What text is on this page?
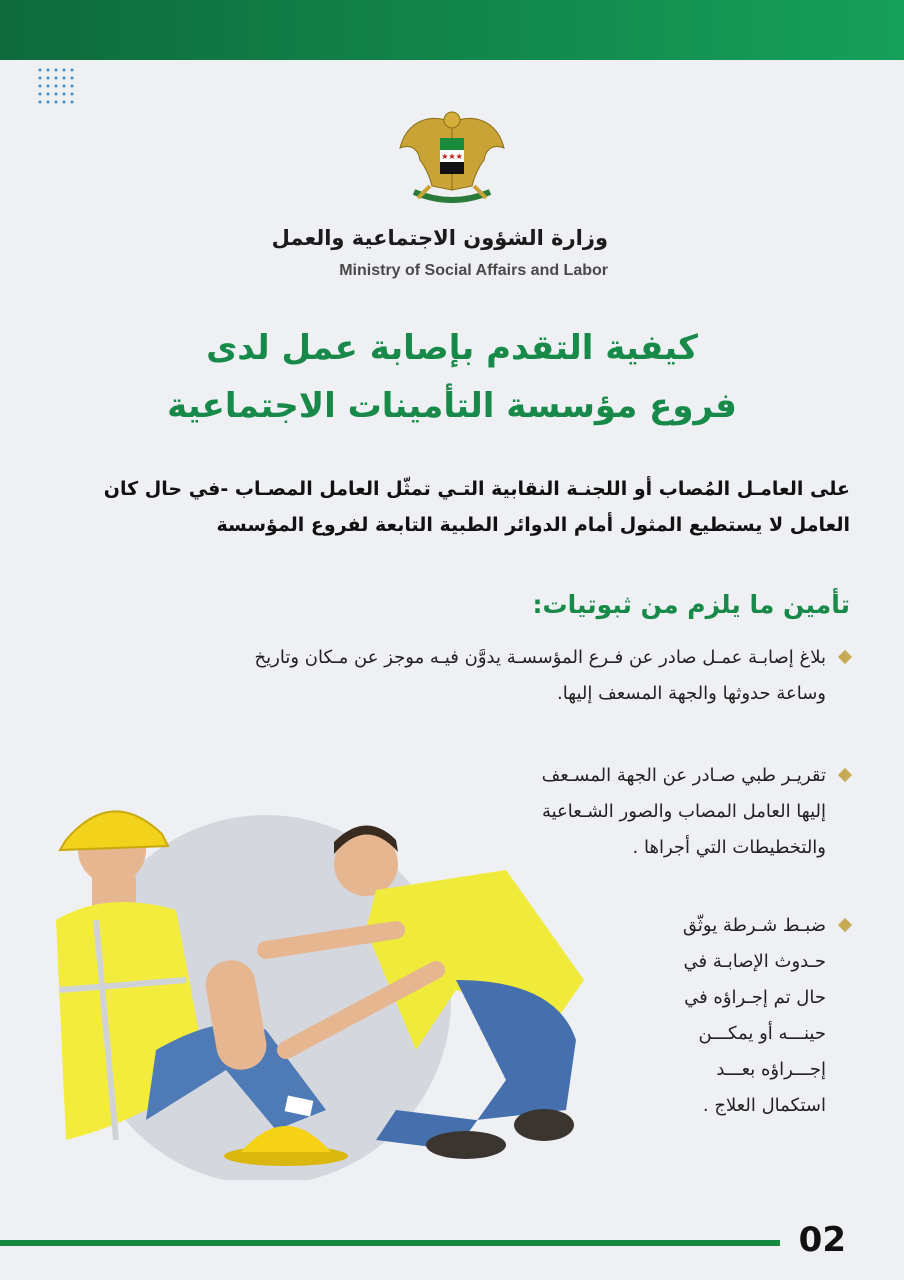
★★★
وزارة الشؤون الاجتماعية والعمل
Ministry of Social Affairs and Labor
كيفية التقدم بإصابة عمل لدى
فروع مؤسسة التأمينات الاجتماعية
على العامـل المُصاب أو اللجنـة النقابية التـي تمثّل العامل المصـاب -في حال كان
العامل لا يستطيع المثول أمام الدوائر الطبية التابعة لفروع المؤسسة
تأمين ما يلزم من ثبوتيات:
بلاغ إصابـة عمـل صادر عن فـرع المؤسسـة يدوَّن فيـه موجز عن مـكان وتاريخ
وساعة حدوثها والجهة المسعف إليها.
تقريـر طبي صـادر عن الجهة المسـعف
إليها العامل المصاب والصور الشـعاعية
والتخطيطات التي أجراها .
ضبـط شـرطة يوثّق
حـدوث الإصابـة في
حال تم إجـراؤه في
حينـــه أو يمكـــن
إجـــراؤه بعـــد
استكمال العلاج .
02
